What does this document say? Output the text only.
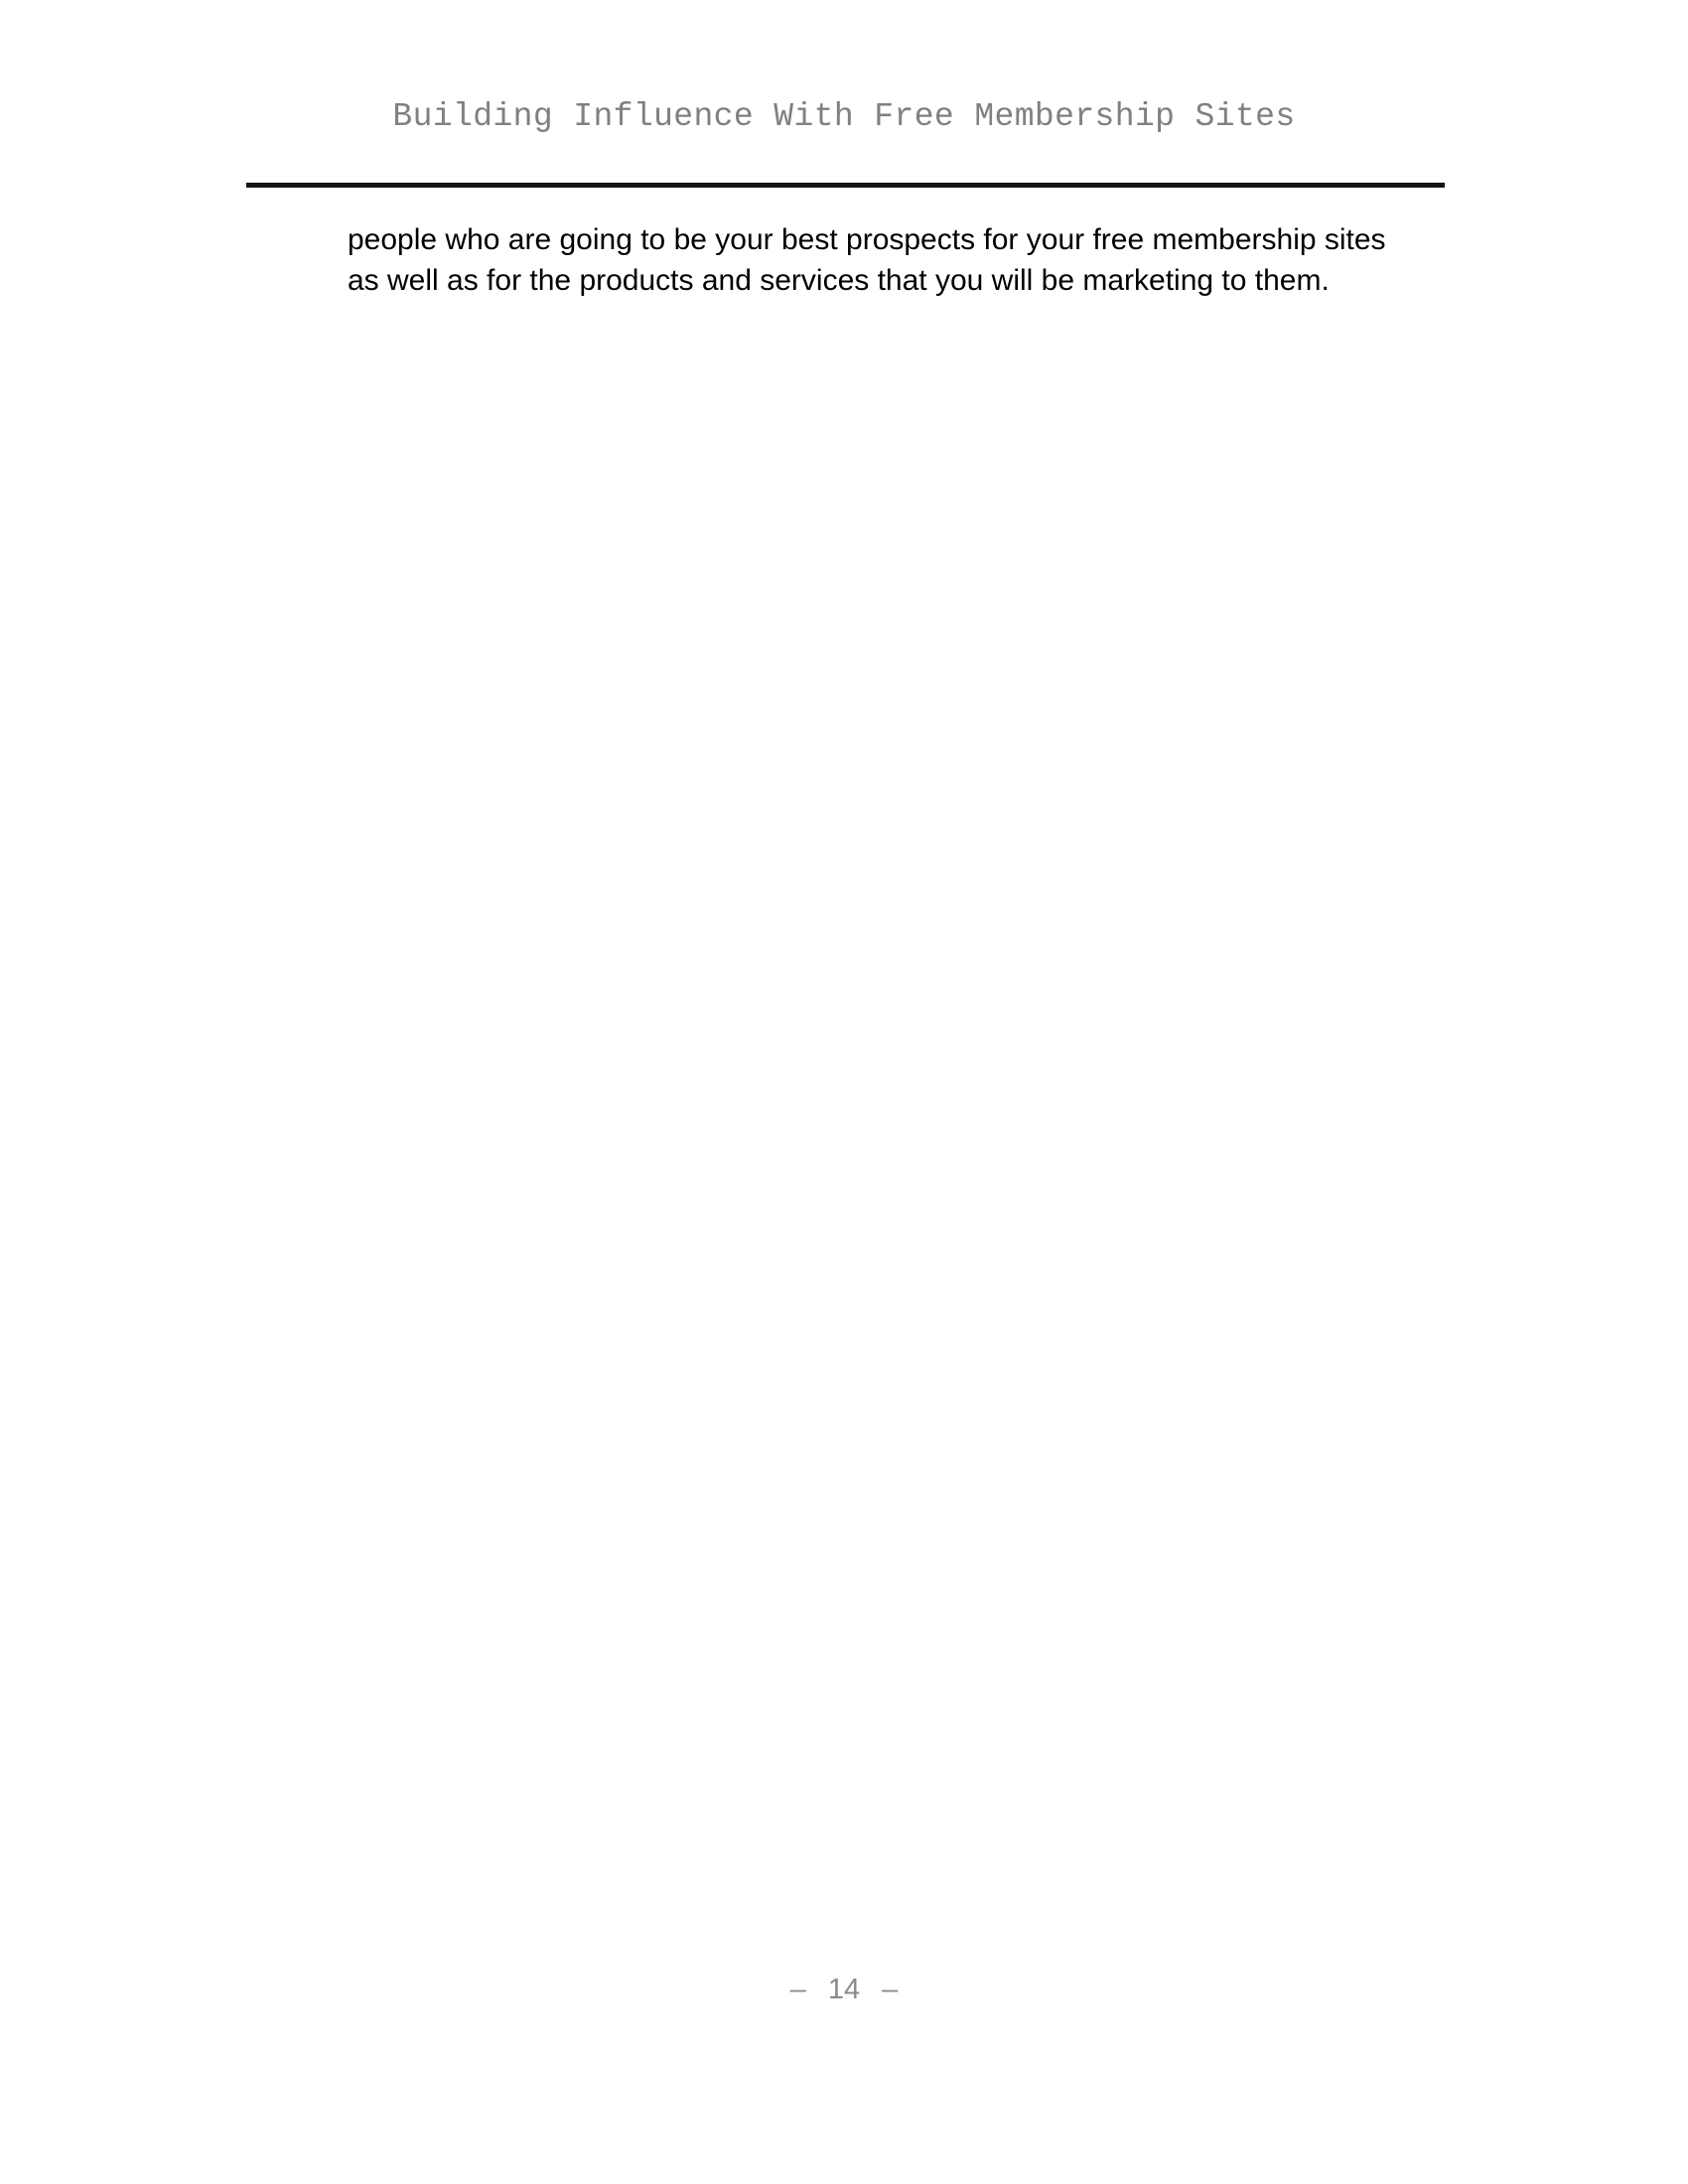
Building Influence With Free Membership Sites
people who are going to be your best prospects for your free membership sites
as well as for the products and services that you will be marketing to them.
– 14 –
